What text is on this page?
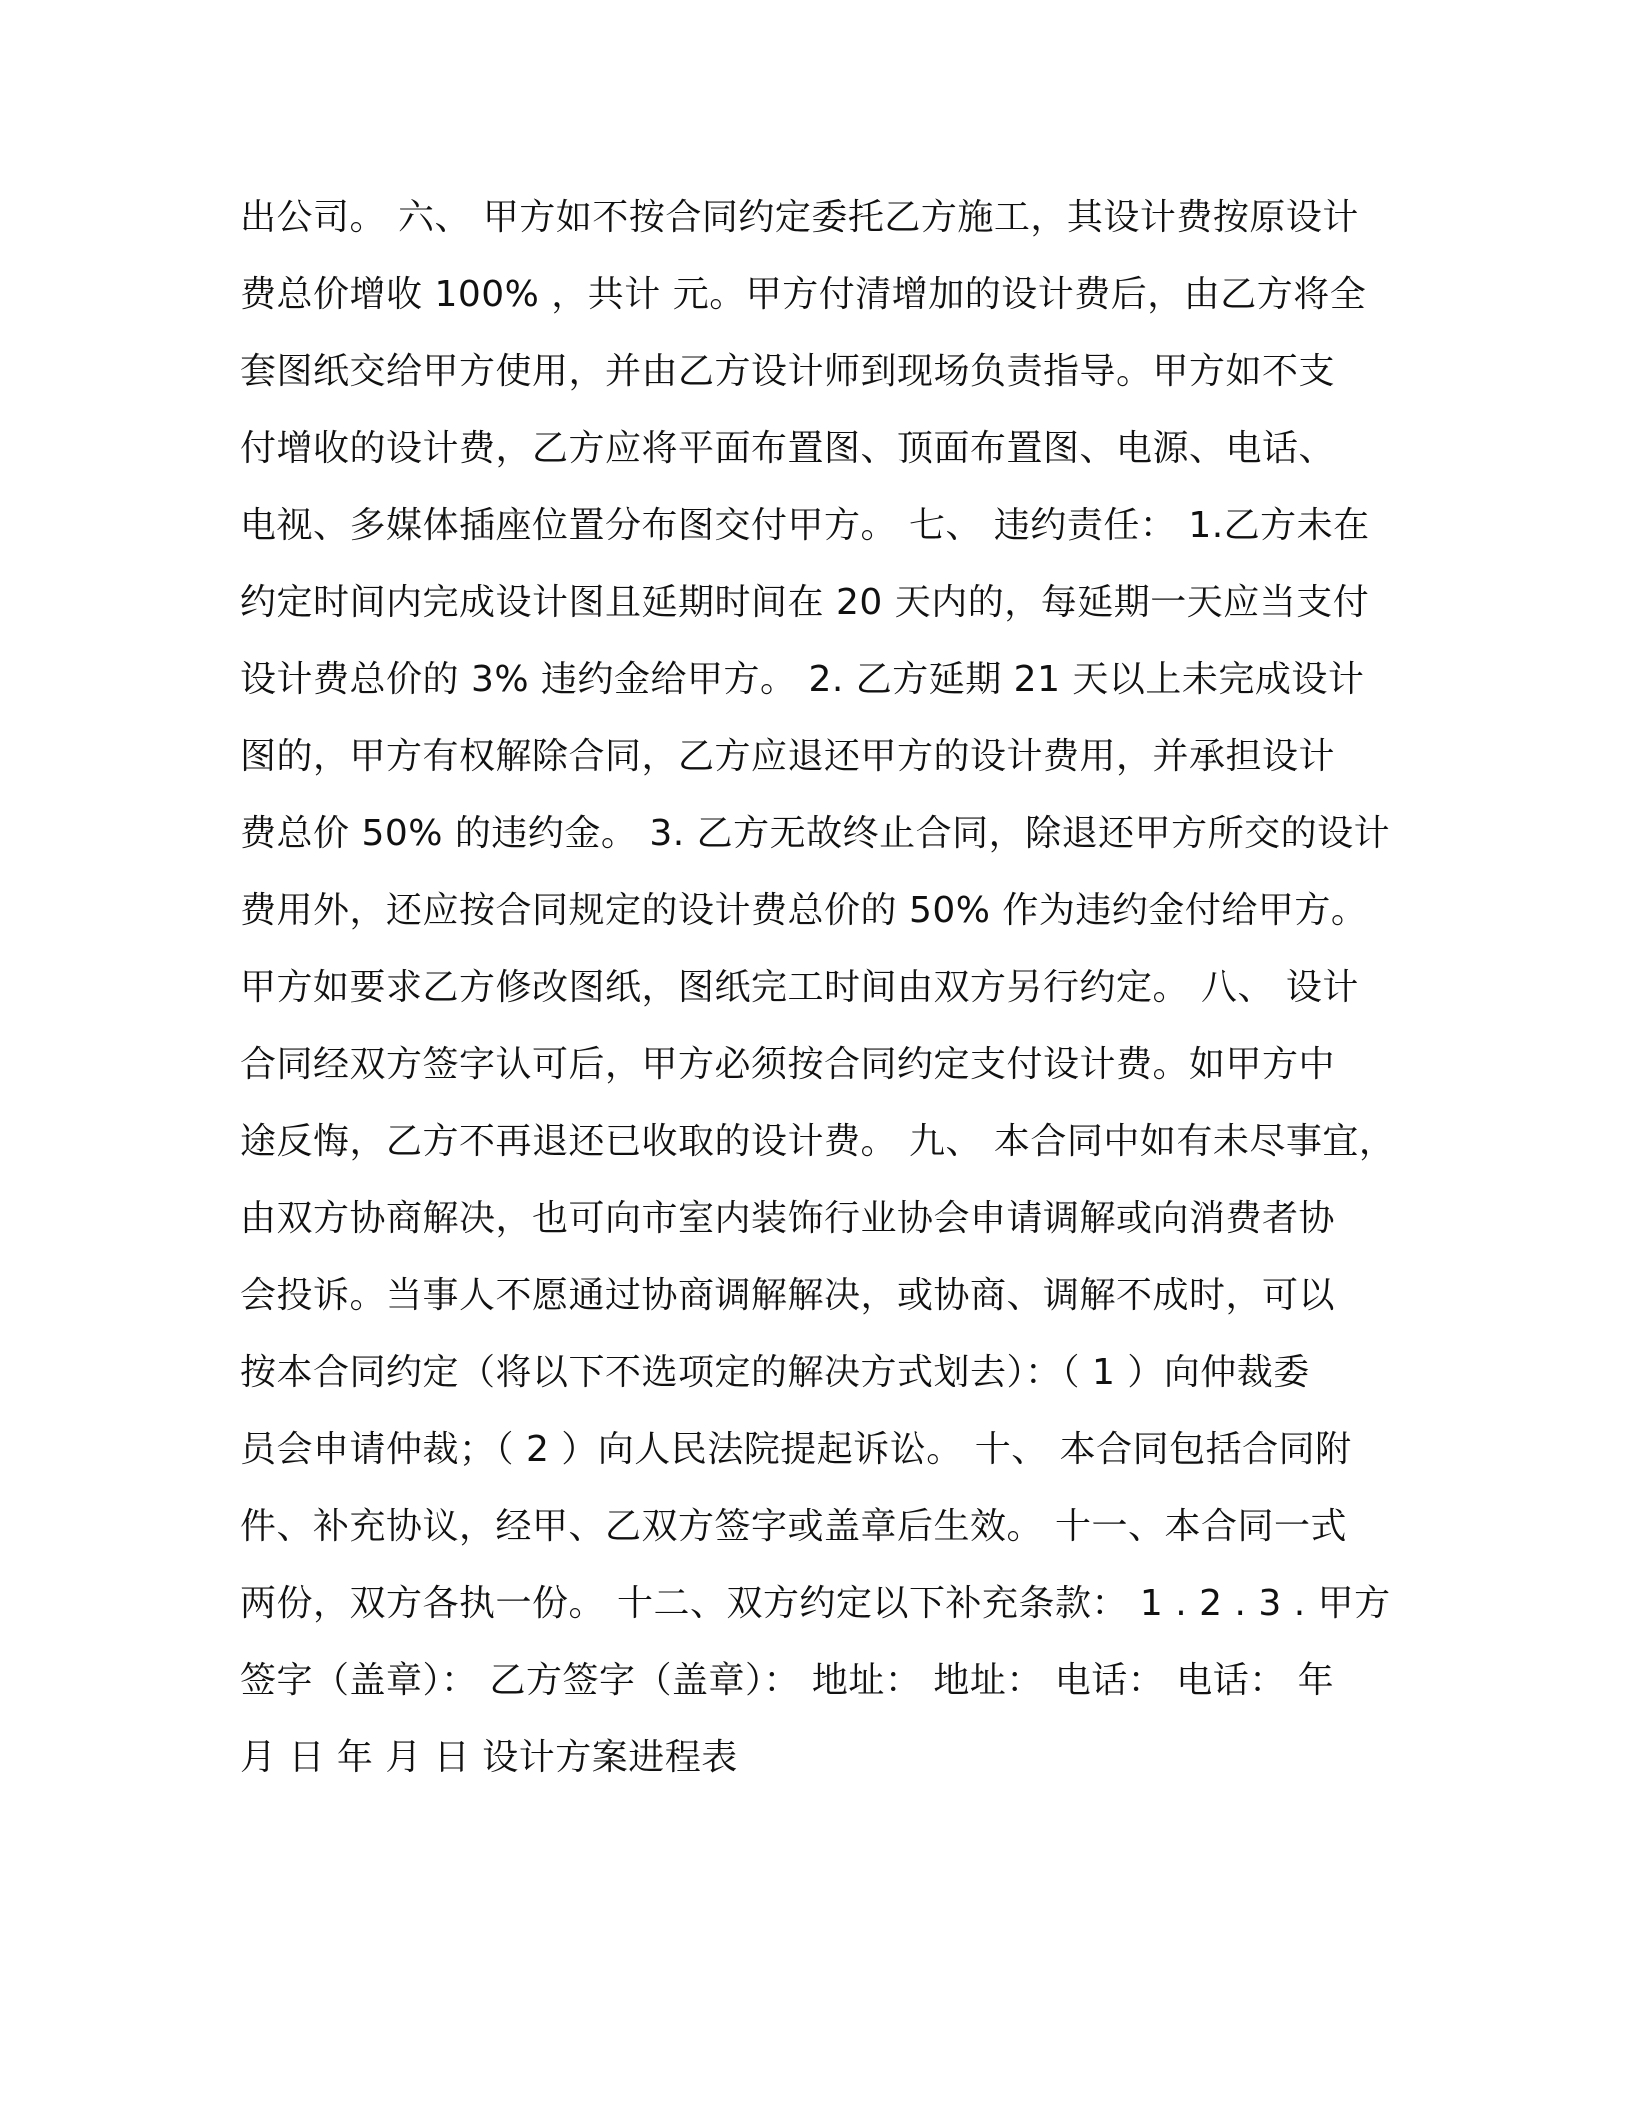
出公司。 六、 甲方如不按合同约定委托乙方施工，其设计费按原设计
费总价增收 100% ，共计 元。甲方付清增加的设计费后，由乙方将全
套图纸交给甲方使用，并由乙方设计师到现场负责指导。甲方如不支
付增收的设计费，乙方应将平面布置图、顶面布置图、电源、电话、
电视、多媒体插座位置分布图交付甲方。 七、 违约责任： 1.乙方未在
约定时间内完成设计图且延期时间在 20 天内的，每延期一天应当支付
设计费总价的 3% 违约金给甲方。 2. 乙方延期 21 天以上未完成设计
图的，甲方有权解除合同，乙方应退还甲方的设计费用，并承担设计
费总价 50% 的违约金。 3. 乙方无故终止合同，除退还甲方所交的设计
费用外，还应按合同规定的设计费总价的 50% 作为违约金付给甲方。
甲方如要求乙方修改图纸，图纸完工时间由双方另行约定。 八、 设计
合同经双方签字认可后，甲方必须按合同约定支付设计费。如甲方中
途反悔，乙方不再退还已收取的设计费。 九、 本合同中如有未尽事宜，
由双方协商解决，也可向市室内装饰行业协会申请调解或向消费者协
会投诉。当事人不愿通过协商调解解决，或协商、调解不成时，可以
按本合同约定（将以下不选项定的解决方式划去）：（ 1 ）向仲裁委
员会申请仲裁；（ 2 ）向人民法院提起诉讼。 十、 本合同包括合同附
件、补充协议，经甲、乙双方签字或盖章后生效。 十一、本合同一式
两份，双方各执一份。 十二、双方约定以下补充条款： 1 . 2 . 3 . 甲方
签字（盖章）： 乙方签字（盖章）： 地址： 地址： 电话： 电话： 年
月 日 年 月 日 设计方案进程表
